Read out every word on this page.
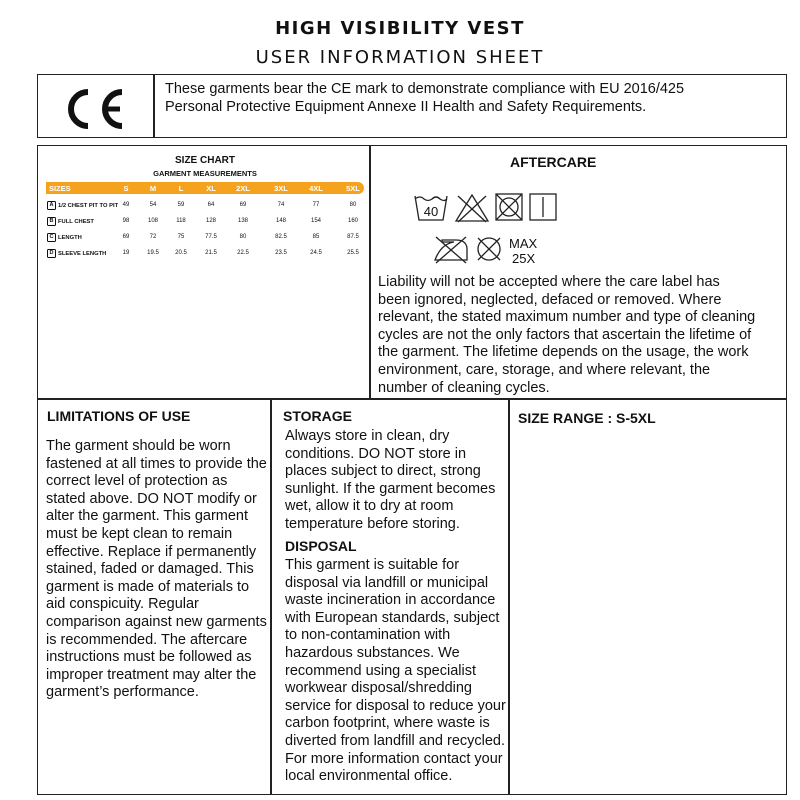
HIGH VISIBILITY VEST
USER INFORMATION SHEET
These garments bear the CE mark to demonstrate compliance with EU 2016/425
Personal Protective Equipment Annexe II Health and Safety Requirements.
SIZE CHART
GARMENT MEASUREMENTS
SIZES	S	M	L	XL	2XL	3XL	4XL	5XL
A 1/2 CHEST PIT TO PIT 49	54	59	64	69	74	77	80
B FULL CHEST	98	108	118	128	138	148	154	160
C LENGTH	69	72	75	77.5	80	82.5	85	87.5
D SLEEVE LENGTH	19	19.5	20.5	21.5	22.5	23.5	24.5	25.5
AFTERCARE
40
MAX
25X
Liability will not be accepted where the care label has
been ignored, neglected, defaced or removed. Where
relevant, the stated maximum number and type of cleaning
cycles are not the only factors that ascertain the lifetime of
the garment. The lifetime depends on the usage, the work
environment, care, storage, and where relevant, the
number of cleaning cycles.
LIMITATIONS OF USE
The garment should be worn
fastened at all times to provide the
correct level of protection as
stated above. DO NOT modify or
alter the garment. This garment
must be kept clean to remain
effective. Replace if permanently
stained, faded or damaged. This
garment is made of materials to
aid conspicuity. Regular
comparison against new garments
is recommended. The aftercare
instructions must be followed as
improper treatment may alter the
garment’s performance.
STORAGE
Always store in clean, dry
conditions. DO NOT store in
places subject to direct, strong
sunlight. If the garment becomes
wet, allow it to dry at room
temperature before storing.
DISPOSAL
This garment is suitable for
disposal via landfill or municipal
waste incineration in accordance
with European standards, subject
to non-contamination with
hazardous substances. We
recommend using a specialist
workwear disposal/shredding
service for disposal to reduce your
carbon footprint, where waste is
diverted from landfill and recycled.
For more information contact your
local environmental office.
SIZE RANGE : S-5XL
